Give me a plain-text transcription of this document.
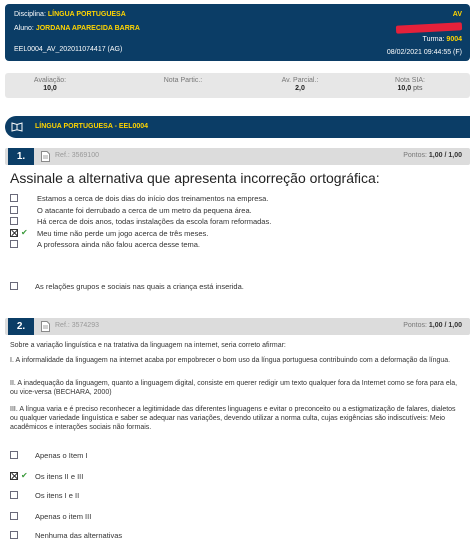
Disciplina: LÍNGUA PORTUGUESA
Aluno: JORDANA APARECIDA BARRA
EEL0004_AV_202011074417 (AG)
AV
Turma: 9004
08/02/2021 09:44:55 (F)
Avaliação:
10,0
Nota Partic.:	Av. Parcial.:
2,0
Nota SIA:
10,0 pts
LÍNGUA PORTUGUESA - EEL0004
1.	Ref.: 3569100	Pontos: 1,00 / 1,00
Assinale a alternativa que apresenta incorreção ortográfica:
Estamos a cerca de dois dias do início dos treinamentos na empresa.
O atacante foi derrubado a cerca de um metro da pequena área.
Há cerca de dois anos, todas instalações da escola foram reformadas.
✔ Meu time não perde um jogo acerca de três meses.
A professora ainda não falou acerca desse tema.
As relações grupos e sociais nas quais a criança está inserida.
2.	Ref.: 3574293	Pontos: 1,00 / 1,00
Sobre a variação linguística e na tratativa da linguagem na internet, seria correto afirmar:
I. A informalidade da linguagem na internet acaba por empobrecer o bom uso da língua portuguesa contribuindo com a deformação da língua.
II. A inadequação da linguagem, quanto a linguagem digital, consiste em querer redigir um texto qualquer fora da Internet como se fora para ela, ou vice-versa (BECHARA, 2000)
III. A língua varia e é preciso reconhecer a legitimidade das diferentes linguagens e evitar o preconceito ou a estigmatização de falares, dialetos ou qualquer variedade linguística e saber se adequar nas variações, devendo utilizar a norma culta, cujas exigências são indiscutíveis: Meio acadêmicos e interações sociais não formais.
Apenas o Item I
✔ Os itens II e III
Os itens I e II
Apenas o item III
Nenhuma das alternativas
